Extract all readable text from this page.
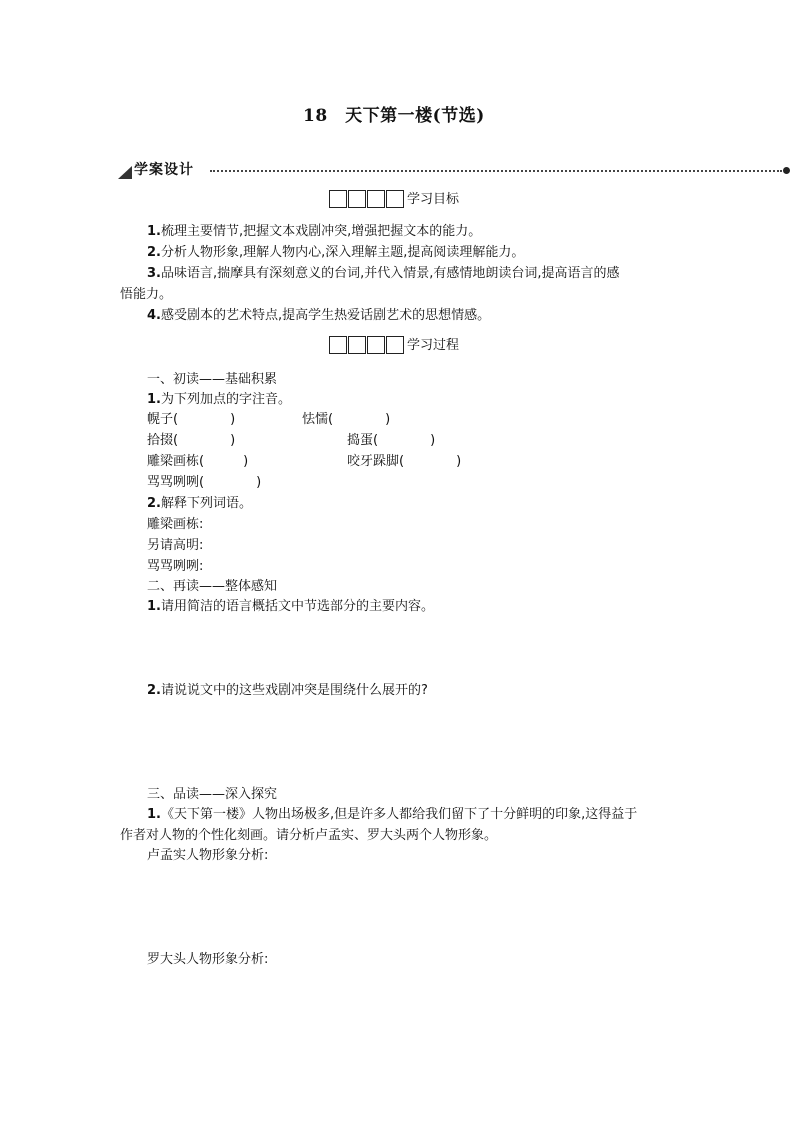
18　天下第一楼(节选)
学案设计
学习目标
1.梳理主要情节,把握文本戏剧冲突,增强把握文本的能力。
2.分析人物形象,理解人物内心,深入理解主题,提高阅读理解能力。
3.品味语言,揣摩具有深刻意义的台词,并代入情景,有感情地朗读台词,提高语言的感
悟能力。
4.感受剧本的艺术特点,提高学生热爱话剧艺术的思想情感。
学习过程
一、初读——基础积累
1.为下列加点的字注音。
幌子(　　　　)	怯懦(　　　　)
拾掇(　　　　)	捣蛋(　　　　)
雕梁画栋(　　　)	咬牙跺脚(　　　　)
骂骂咧咧(　　　　)
2.解释下列词语。
雕梁画栋:
另请高明:
骂骂咧咧:
二、再读——整体感知
1.请用简洁的语言概括文中节选部分的主要内容。
2.请说说文中的这些戏剧冲突是围绕什么展开的?
三、品读——深入探究
1.《天下第一楼》人物出场极多,但是许多人都给我们留下了十分鲜明的印象,这得益于
作者对人物的个性化刻画。请分析卢孟实、罗大头两个人物形象。
卢孟实人物形象分析:
罗大头人物形象分析:
